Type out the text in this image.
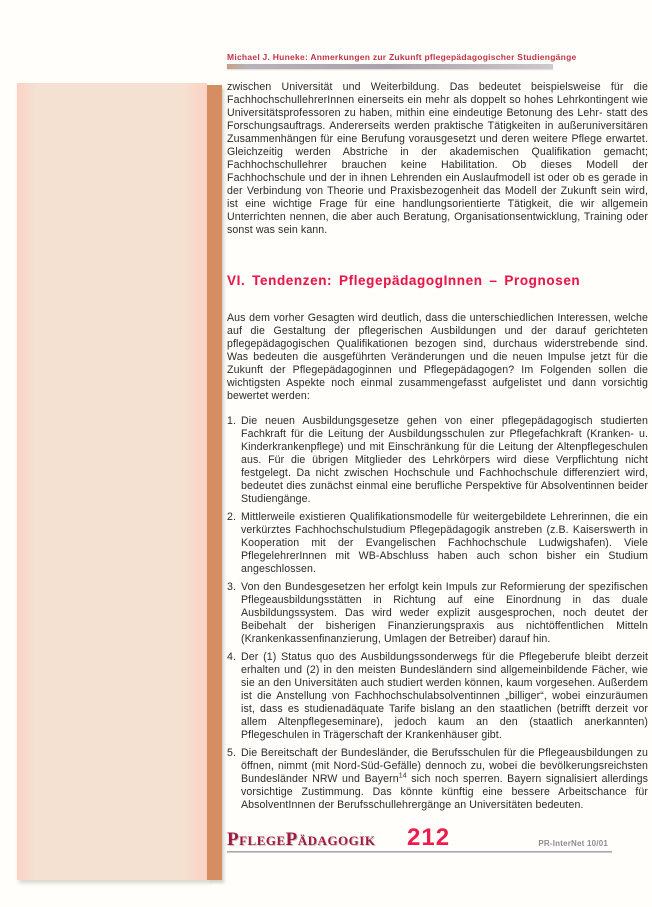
Michael J. Huneke: Anmerkungen zur Zukunft pflegepädagogischer Studiengänge

zwischen Universität und Weiterbildung. Das bedeutet beispielsweise für die FachhochschullehrerInnen einerseits ein mehr als doppelt so hohes Lehrkontingent wie Universitätsprofessoren zu haben, mithin eine eindeutige Betonung des Lehr- statt des Forschungsauftrags. Andererseits werden praktische Tätigkeiten in außeruniversitären Zusammenhängen für eine Berufung vorausgesetzt und deren weitere Pflege erwartet. Gleichzeitig werden Abstriche in der akademischen Qualifikation gemacht; Fachhochschullehrer brauchen keine Habilitation. Ob dieses Modell der Fachhochschule und der in ihnen Lehrenden ein Auslaufmodell ist oder ob es gerade in der Verbindung von Theorie und Praxisbezogenheit das Modell der Zukunft sein wird, ist eine wichtige Frage für eine handlungsorientierte Tätigkeit, die wir allgemein Unterrichten nennen, die aber auch Beratung, Organisationsentwicklung, Training oder sonst was sein kann.

VI. Tendenzen: PflegepädagogInnen – Prognosen

Aus dem vorher Gesagten wird deutlich, dass die unterschiedlichen Interessen, welche auf die Gestaltung der pflegerischen Ausbildungen und der darauf gerichteten pflegepädagogischen Qualifikationen bezogen sind, durchaus widerstrebende sind. Was bedeuten die ausgeführten Veränderungen und die neuen Impulse jetzt für die Zukunft der Pflegepädagoginnen und Pflegepädagogen? Im Folgenden sollen die wichtigsten Aspekte noch einmal zusammengefasst aufgelistet und dann vorsichtig bewertet werden:

1. Die neuen Ausbildungsgesetze gehen von einer pflegepädagogisch studierten Fachkraft für die Leitung der Ausbildungsschulen zur Pflegefachkraft (Kranken- u. Kinderkrankenpflege) und mit Einschränkung für die Leitung der Altenpflegeschulen aus. Für die übrigen Mitglieder des Lehrkörpers wird diese Verpflichtung nicht festgelegt. Da nicht zwischen Hochschule und Fachhochschule differenziert wird, bedeutet dies zunächst einmal eine berufliche Perspektive für Absolventinnen beider Studiengänge.
2. Mittlerweile existieren Qualifikationsmodelle für weitergebildete Lehrerinnen, die ein verkürztes Fachhochschulstudium Pflegepädagogik anstreben (z.B. Kaiserswerth in Kooperation mit der Evangelischen Fachhochschule Ludwigshafen). Viele PflegelehrerInnen mit WB-Abschluss haben auch schon bisher ein Studium angeschlossen.
3. Von den Bundesgesetzen her erfolgt kein Impuls zur Reformierung der spezifischen Pflegeausbildungsstätten in Richtung auf eine Einordnung in das duale Ausbildungssystem. Das wird weder explizit ausgesprochen, noch deutet der Beibehalt der bisherigen Finanzierungspraxis aus nichtöffentlichen Mitteln (Krankenkassenfinanzierung, Umlagen der Betreiber) darauf hin.
4. Der (1) Status quo des Ausbildungssonderwegs für die Pflegeberufe bleibt derzeit erhalten und (2) in den meisten Bundesländern sind allgemeinbildende Fächer, wie sie an den Universitäten auch studiert werden können, kaum vorgesehen. Außerdem ist die Anstellung von Fachhochschulabsolventinnen „billiger“, wobei einzuräumen ist, dass es studienadäquate Tarife bislang an den staatlichen (betrifft derzeit vor allem Altenpflegeseminare), jedoch kaum an den (staatlich anerkannten) Pflegeschulen in Trägerschaft der Krankenhäuser gibt.
5. Die Bereitschaft der Bundesländer, die Berufsschulen für die Pflegeausbildungen zu öffnen, nimmt (mit Nord-Süd-Gefälle) dennoch zu, wobei die bevölkerungsreichsten Bundesländer NRW und Bayern$^{14}$ sich noch sperren. Bayern signalisiert allerdings vorsichtige Zustimmung. Das könnte künftig eine bessere Arbeitschance für AbsolventInnen der Berufsschullehrergänge an Universitäten bedeuten.
PflegePädagogik 212	PR-InterNet 10/01
